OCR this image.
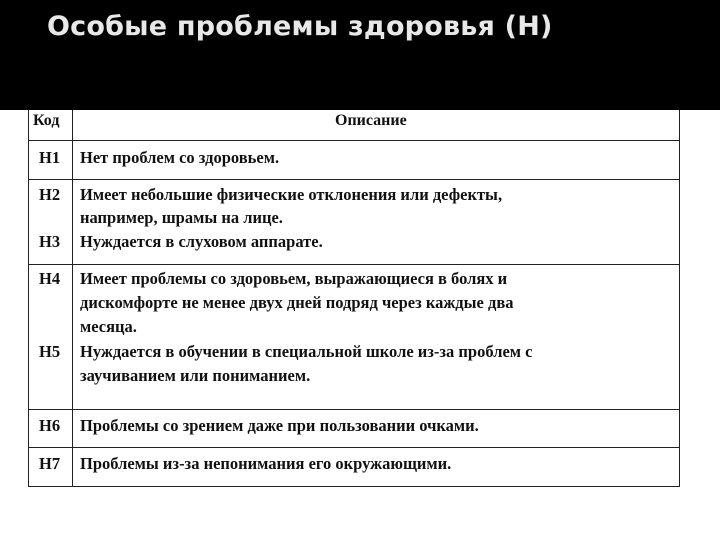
Особые проблемы здоровья (Н)
Код	Описание
Н1 Нет проблем со здоровьем.
Н2 Имеет небольшие физические отклонения или дефекты,
например, шрамы на лице.
Н3 Нуждается в слуховом аппарате.
Н4 Имеет проблемы со здоровьем, выражающиеся в болях и
дискомфорте не менее двух дней подряд через каждые два
месяца.
Н5 Нуждается в обучении в специальной школе из-за проблем с
заучиванием или пониманием.
Н6 Проблемы со зрением даже при пользовании очками.
Н7 Проблемы из-за непонимания его окружающими.
